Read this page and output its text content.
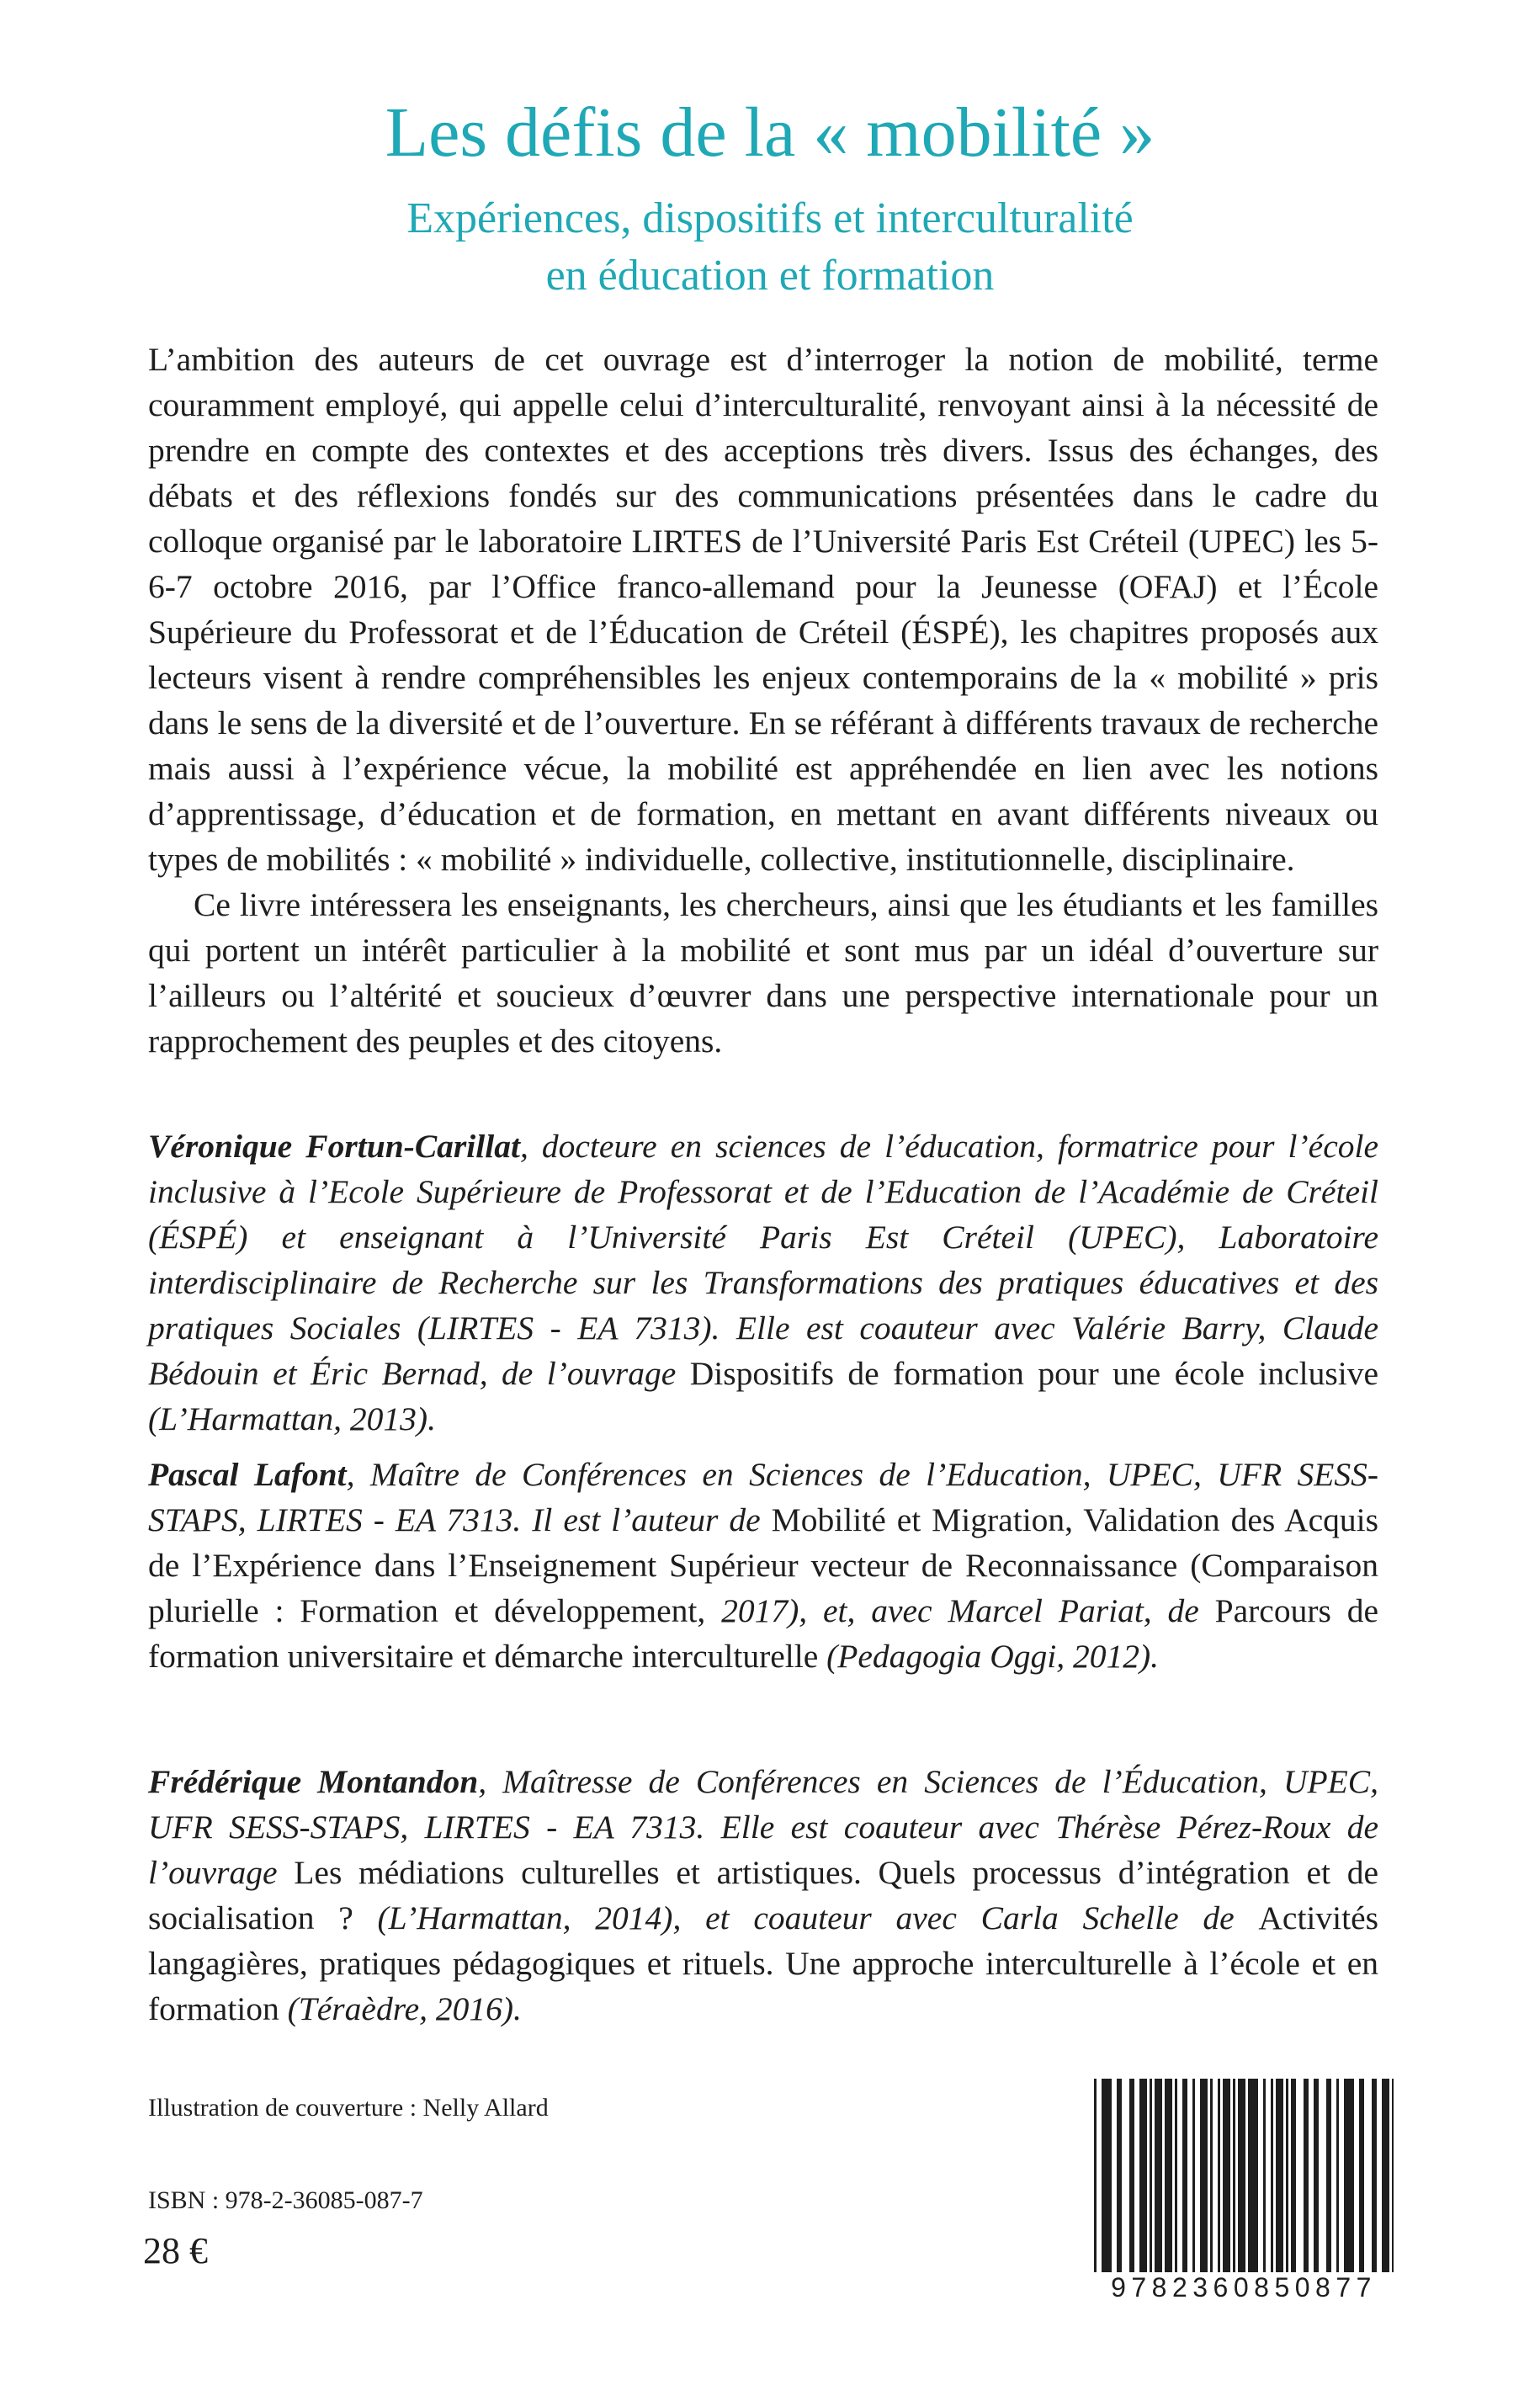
Les défis de la « mobilité »
Expériences, dispositifs et interculturalité
en éducation et formation

L’ambition des auteurs de cet ouvrage est d’interroger la notion de mobilité, terme couramment employé, qui appelle celui d’interculturalité, renvoyant ainsi à la nécessité de prendre en compte des contextes et des acceptions très divers. Issus des échanges, des débats et des réflexions fondés sur des communications présentées dans le cadre du colloque organisé par le laboratoire LIRTES de l’Université Paris Est Créteil (UPEC) les 5-6-7 octobre 2016, par l’Office franco-allemand pour la Jeunesse (OFAJ) et l’École Supérieure du Professorat et de l’Éducation de Créteil (ÉSPÉ), les chapitres proposés aux lecteurs visent à rendre compréhensibles les enjeux contemporains de la « mobilité » pris dans le sens de la diversité et de l’ouverture. En se référant à différents travaux de recherche mais aussi à l’expérience vécue, la mobilité est appréhendée en lien avec les notions d’apprentissage, d’éducation et de formation, en mettant en avant différents niveaux ou types de mobilités : « mobilité » individuelle, collective, institutionnelle, disciplinaire.

Ce livre intéressera les enseignants, les chercheurs, ainsi que les étudiants et les familles qui portent un intérêt particulier à la mobilité et sont mus par un idéal d’ouverture sur l’ailleurs ou l’altérité et soucieux d’œuvrer dans une perspective internationale pour un rapprochement des peuples et des citoyens.

Véronique Fortun-Carillat, docteure en sciences de l’éducation, formatrice pour l’école inclusive à l’Ecole Supérieure de Professorat et de l’Education de l’Académie de Créteil (ÉSPÉ) et enseignant à l’Université Paris Est Créteil (UPEC), Laboratoire interdisciplinaire de Recherche sur les Transformations des pratiques éducatives et des pratiques Sociales (LIRTES - EA 7313). Elle est coauteur avec Valérie Barry, Claude Bédouin et Éric Bernad, de l’ouvrage Dispositifs de formation pour une école inclusive (L’Harmattan, 2013).
Pascal Lafont, Maître de Conférences en Sciences de l’Education, UPEC, UFR SESS-STAPS, LIRTES - EA 7313. Il est l’auteur de Mobilité et Migration, Validation des Acquis de l’Expérience dans l’Enseignement Supérieur vecteur de Reconnaissance (Comparaison plurielle : Formation et développement, 2017), et, avec Marcel Pariat, de Parcours de formation universitaire et démarche interculturelle (Pedagogia Oggi, 2012).
Frédérique Montandon, Maîtresse de Conférences en Sciences de l’Éducation, UPEC, UFR SESS-STAPS, LIRTES - EA 7313. Elle est coauteur avec Thérèse Pérez-Roux de l’ouvrage Les médiations culturelles et artistiques. Quels processus d’intégration et de socialisation ? (L’Harmattan, 2014), et coauteur avec Carla Schelle de Activités langagières, pratiques pédagogiques et rituels. Une approche interculturelle à l’école et en formation (Téraèdre, 2016).
Illustration de couverture : Nelly Allard
ISBN : 978-2-36085-087-7
28 €
9782360850877
